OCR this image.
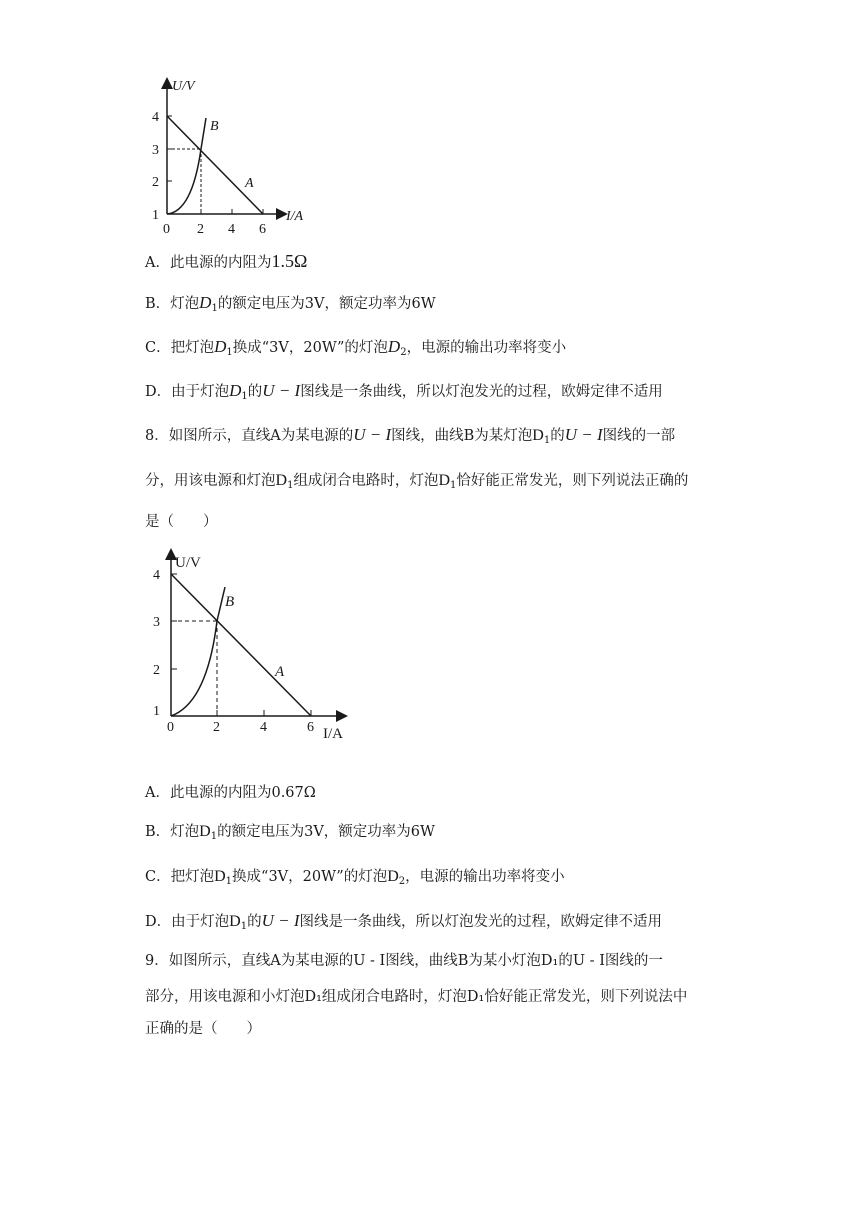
U/V
I/A
4
3
2
1
0 2 4 6
B
A
A．此电源的内阻为1.5Ω
B．灯泡$D_1$的额定电压为3V，额定功率为6W
C．把灯泡$D_1$换成“3V，20W”的灯泡$D_2$，电源的输出功率将变小
D．由于灯泡$D_1$的U − I图线是一条曲线，所以灯泡发光的过程，欧姆定律不适用
8．如图所示，直线A为某电源的U − I图线，曲线B为某灯泡$D_1$的U − I图线的一部
分，用该电源和灯泡$D_1$组成闭合电路时，灯泡$D_1$恰好能正常发光，则下列说法正确的
是（　　）
U/V
I/A
4
3
2
1
0	2	4	6
B
A
A．此电源的内阻为0.67Ω
B．灯泡$D_1$的额定电压为3V，额定功率为6W
C．把灯泡$D_1$换成“3V，20W”的灯泡$D_2$，电源的输出功率将变小
D．由于灯泡$D_1$的U − I图线是一条曲线，所以灯泡发光的过程，欧姆定律不适用
9．如图所示，直线A为某电源的U - I图线，曲线B为某小灯泡D₁的U - I图线的一
部分，用该电源和小灯泡D₁组成闭合电路时，灯泡D₁恰好能正常发光，则下列说法中
正确的是（　　）
